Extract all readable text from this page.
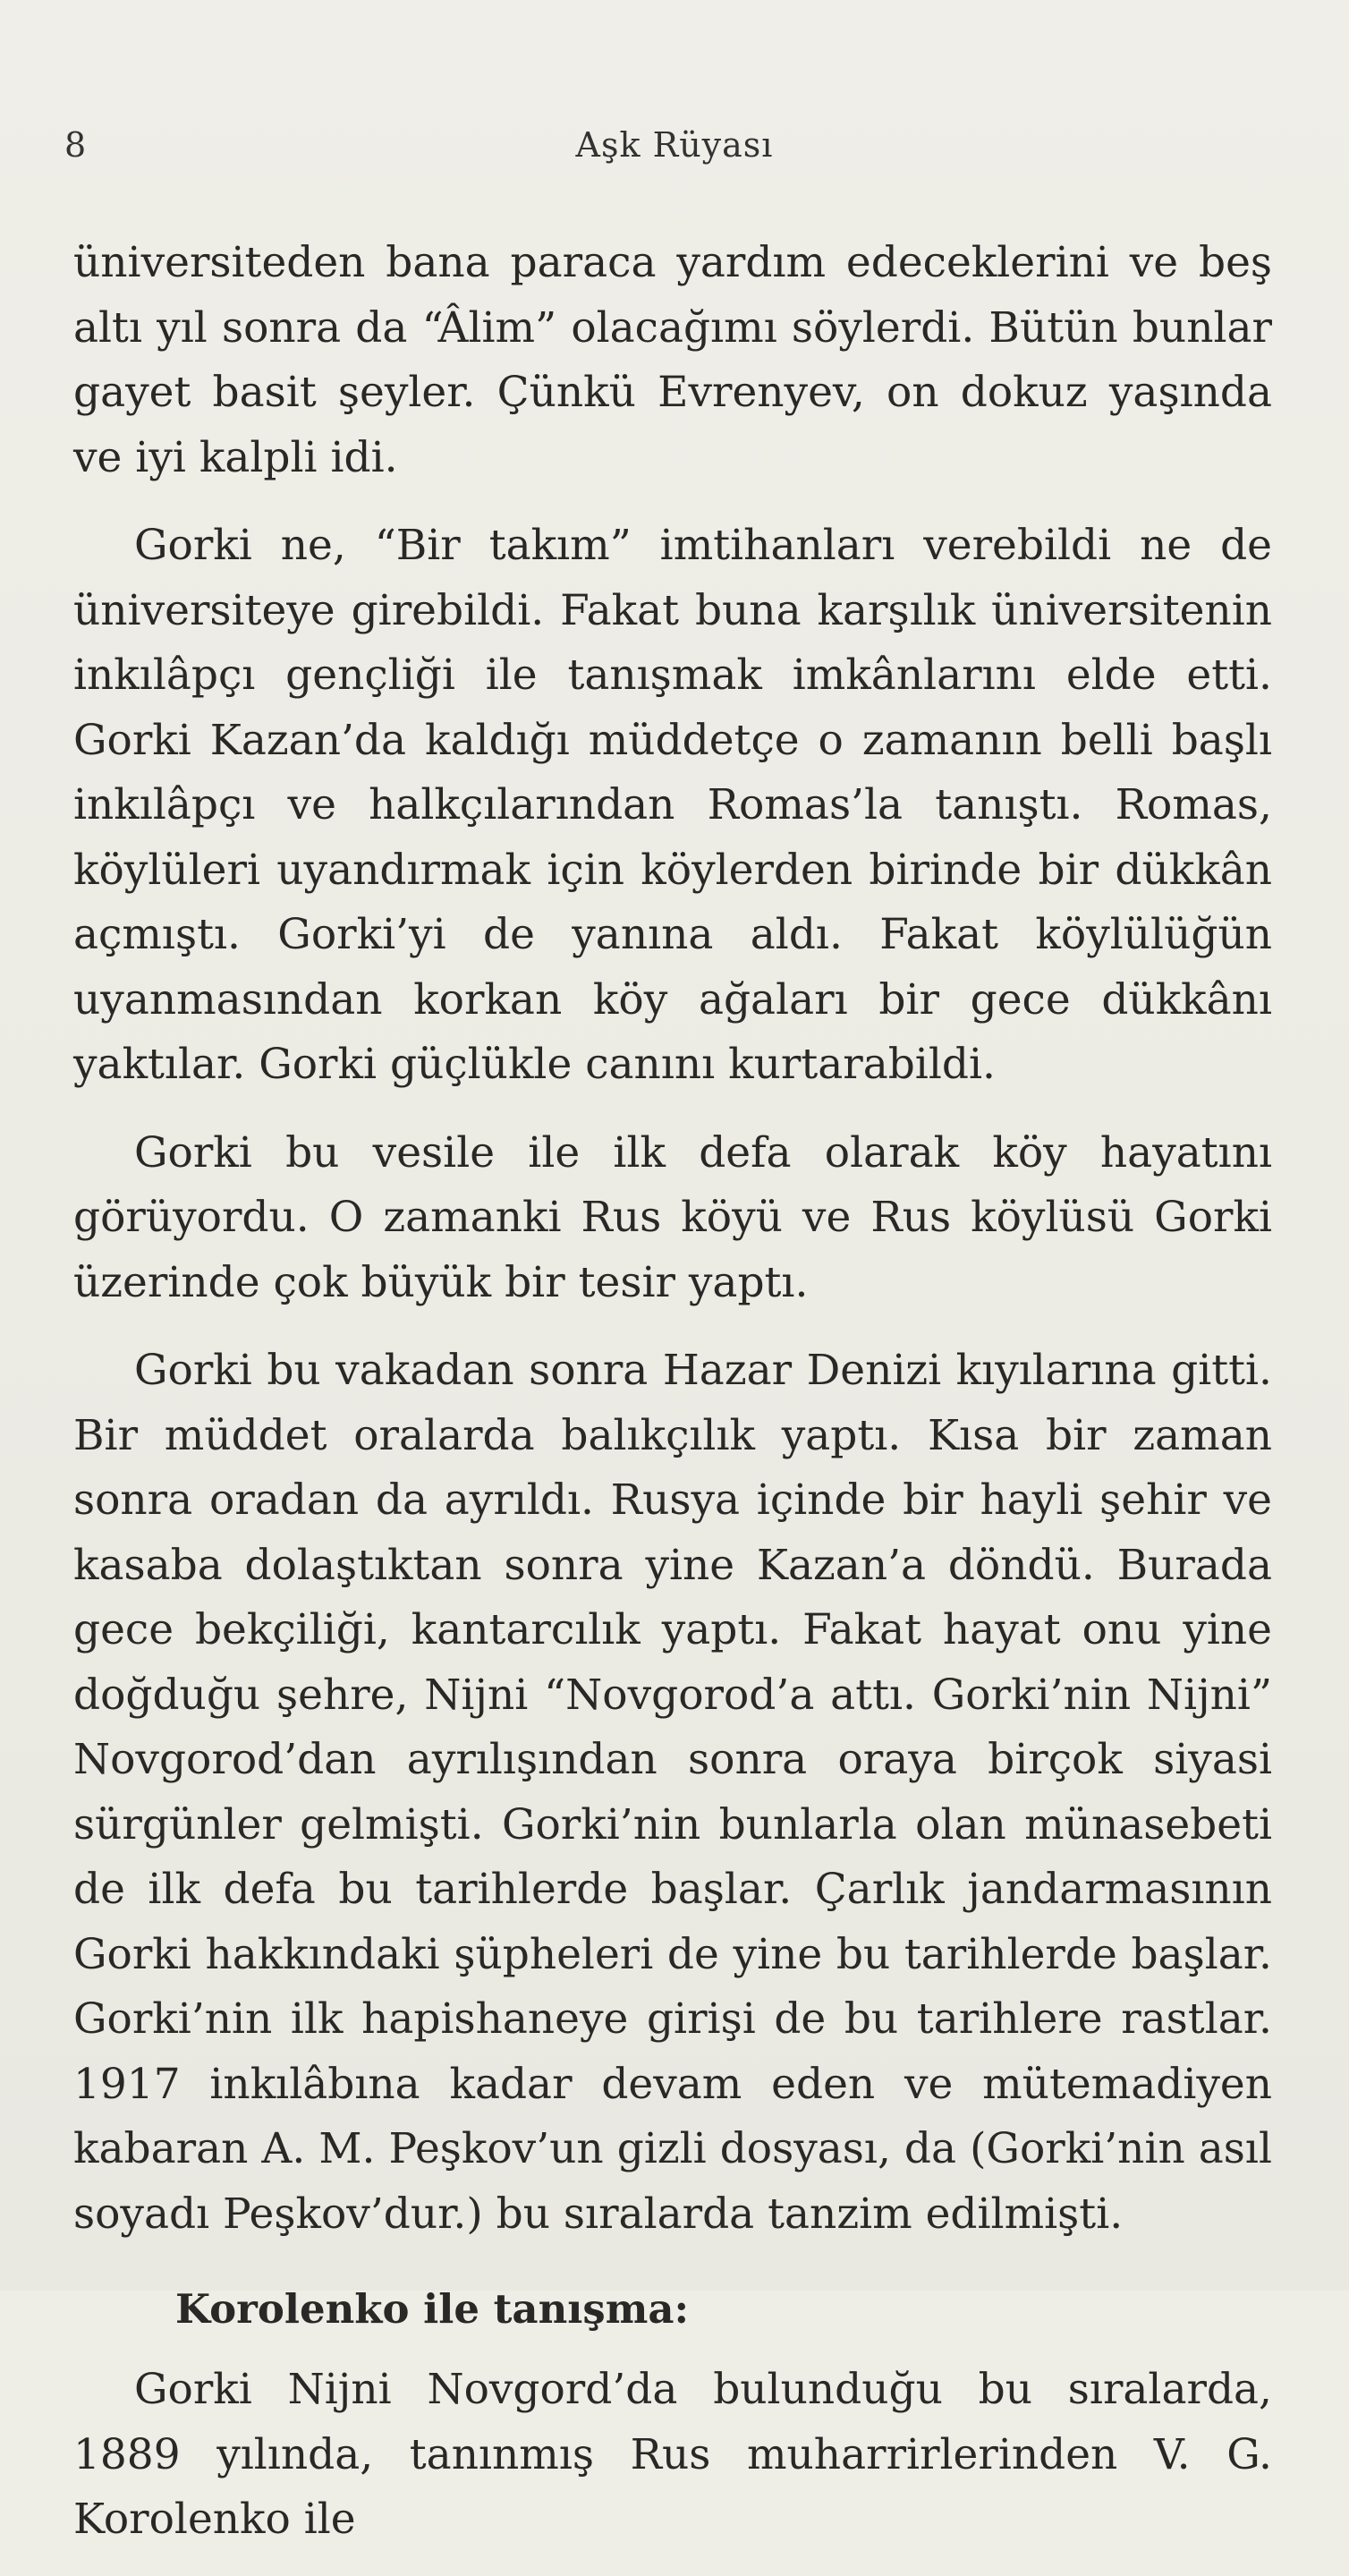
8	Aşk Rüyası

üniversiteden bana paraca yardım edeceklerini ve beş altı yıl sonra da “Âlim” olacağımı söylerdi. Bütün bunlar gayet basit şeyler. Çünkü Evrenyev, on dokuz yaşında ve iyi kalpli idi.

Gorki ne, “Bir takım” imtihanları verebildi ne de üniversiteye girebildi. Fakat buna karşılık üniversitenin inkılâpçı gençliği ile tanışmak imkânlarını elde etti. Gorki Kazan’da kaldığı müddetçe o zamanın belli başlı inkılâpçı ve halkçılarından Romas’la tanıştı. Romas, köylüleri uyandırmak için köylerden birinde bir dükkân açmıştı. Gorki’yi de yanına aldı. Fakat köylülüğün uyanmasından korkan köy ağaları bir gece dükkânı yaktılar. Gorki güçlükle canını kurtarabildi.

Gorki bu vesile ile ilk defa olarak köy hayatını görüyordu. O zamanki Rus köyü ve Rus köylüsü Gorki üzerinde çok büyük bir tesir yaptı.

Gorki bu vakadan sonra Hazar Denizi kıyılarına gitti. Bir müddet oralarda balıkçılık yaptı. Kısa bir zaman sonra oradan da ayrıldı. Rusya içinde bir hayli şehir ve kasaba dolaştıktan sonra yine Kazan’a döndü. Burada gece bekçiliği, kantarcılık yaptı. Fakat hayat onu yine doğduğu şehre, Nijni “Novgorod’a attı. Gorki’nin Nijni” Novgorod’dan ayrılışından sonra oraya birçok siyasi sürgünler gelmişti. Gorki’nin bunlarla olan münasebeti de ilk defa bu tarihlerde başlar. Çarlık jandarmasının Gorki hakkındaki şüpheleri de yine bu tarihlerde başlar. Gorki’nin ilk hapishaneye girişi de bu tarihlere rastlar. 1917 inkılâbına kadar devam eden ve mütemadiyen kabaran A. M. Peşkov’un gizli dosyası, da (Gorki’nin asıl soyadı Peşkov’dur.) bu sıralarda tanzim edilmişti.

Korolenko ile tanışma:

Gorki Nijni Novgord’da bulunduğu bu sıralarda, 1889 yılında, tanınmış Rus muharrirlerinden V. G. Korolenko ile
